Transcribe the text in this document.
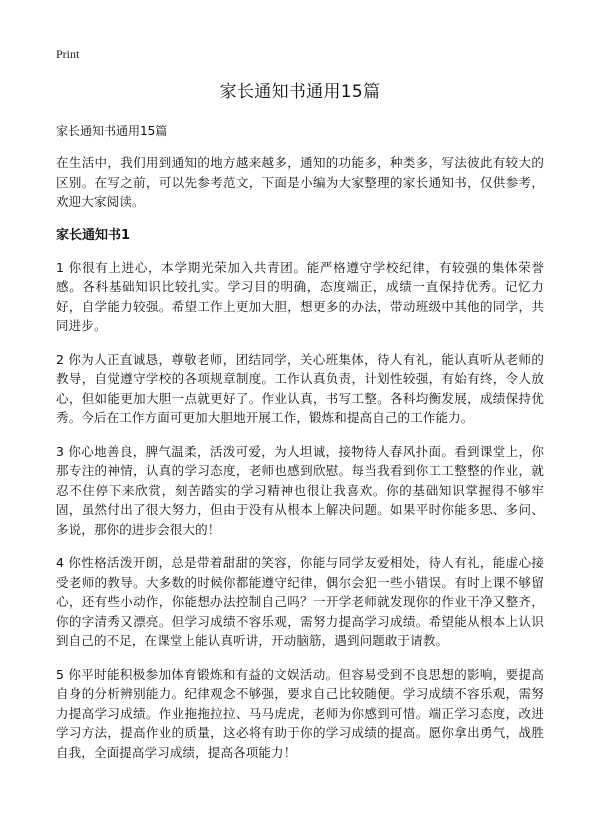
Print
家长通知书通用15篇
家长通知书通用15篇

在生活中，我们用到通知的地方越来越多，通知的功能多，种类多，写法彼此有较大的区别。在写之前，可以先参考范文，下面是小编为大家整理的家长通知书，仅供参考，欢迎大家阅读。

家长通知书1

1 你很有上进心，本学期光荣加入共青团。能严格遵守学校纪律，有较强的集体荣誉感。各科基础知识比较扎实。学习目的明确，态度端正，成绩一直保持优秀。记忆力好，自学能力较强。希望工作上更加大胆，想更多的办法，带动班级中其他的同学，共同进步。

2 你为人正直诚恳，尊敬老师，团结同学，关心班集体，待人有礼，能认真听从老师的教导，自觉遵守学校的各项规章制度。工作认真负责，计划性较强，有始有终，令人放心，但如能更加大胆一点就更好了。作业认真，书写工整。各科均衡发展，成绩保持优秀。今后在工作方面可更加大胆地开展工作，锻炼和提高自己的工作能力。

3 你心地善良，脾气温柔，活泼可爱，为人坦诚，接物待人春风扑面。看到课堂上，你那专注的神情，认真的学习态度，老师也感到欣慰。每当我看到你工工整整的作业，就忍不住停下来欣赏，刻苦踏实的学习精神也很让我喜欢。你的基础知识掌握得不够牢固，虽然付出了很大努力，但由于没有从根本上解决问题。如果平时你能多思、多问、多说，那你的进步会很大的！

4 你性格活泼开朗，总是带着甜甜的笑容，你能与同学友爱相处，待人有礼，能虚心接受老师的教导。大多数的时候你都能遵守纪律，偶尔会犯一些小错误。有时上课不够留心，还有些小动作，你能想办法控制自己吗？一开学老师就发现你的作业干净又整齐，你的字清秀又漂亮。但学习成绩不容乐观，需努力提高学习成绩。希望能从根本上认识到自己的不足，在课堂上能认真听讲，开动脑筋，遇到问题敢于请教。

5 你平时能积极参加体育锻炼和有益的文娱活动。但容易受到不良思想的影响，要提高自身的分析辨别能力。纪律观念不够强，要求自己比较随便。学习成绩不容乐观，需努力提高学习成绩。作业拖拖拉拉、马马虎虎，老师为你感到可惜。端正学习态度，改进学习方法，提高作业的质量，这必将有助于你的学习成绩的提高。愿你拿出勇气，战胜自我，全面提高学习成绩，提高各项能力！
